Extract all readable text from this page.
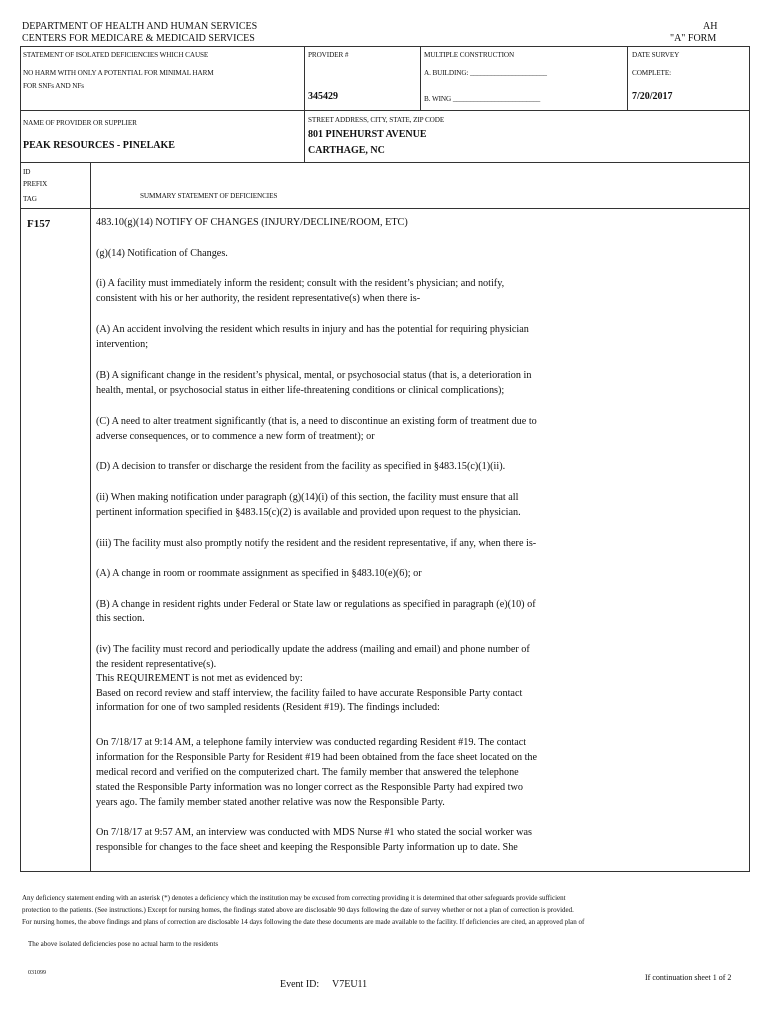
DEPARTMENT OF HEALTH AND HUMAN SERVICES
CENTERS FOR MEDICARE & MEDICAID SERVICES
AH
"A" FORM
STATEMENT OF ISOLATED DEFICIENCIES WHICH CAUSE
NO HARM WITH ONLY A POTENTIAL FOR MINIMAL HARM
FOR SNFs AND NFs
PROVIDER #
345429
MULTIPLE CONSTRUCTION
A. BUILDING: ______________________
B. WING _________________________
DATE SURVEY
COMPLETE:
7/20/2017
NAME OF PROVIDER OR SUPPLIER
PEAK RESOURCES - PINELAKE
STREET ADDRESS, CITY, STATE, ZIP CODE
801 PINEHURST AVENUE
CARTHAGE, NC
ID
PREFIX
TAG	SUMMARY STATEMENT OF DEFICIENCIES
F157	483.10(g)(14) NOTIFY OF CHANGES (INJURY/DECLINE/ROOM, ETC)

(g)(14) Notification of Changes.

(i) A facility must immediately inform the resident; consult with the resident’s physician; and notify,

consistent with his or her authority, the resident representative(s) when there is-

(A) An accident involving the resident which results in injury and has the potential for requiring physician

intervention;

(B) A significant change in the resident’s physical, mental, or psychosocial status (that is, a deterioration in

health, mental, or psychosocial status in either life-threatening conditions or clinical complications);

(C) A need to alter treatment significantly (that is, a need to discontinue an existing form of treatment due to

adverse consequences, or to commence a new form of treatment); or

(D) A decision to transfer or discharge the resident from the facility as specified in §483.15(c)(1)(ii).

(ii) When making notification under paragraph (g)(14)(i) of this section, the facility must ensure that all

pertinent information specified in §483.15(c)(2) is available and provided upon request to the physician.

(iii) The facility must also promptly notify the resident and the resident representative, if any, when there is-

(A) A change in room or roommate assignment as specified in §483.10(e)(6); or

(B) A change in resident rights under Federal or State law or regulations as specified in paragraph (e)(10) of

this section.

(iv) The facility must record and periodically update the address (mailing and email) and phone number of

the resident representative(s).

This REQUIREMENT is not met as evidenced by:

Based on record review and staff interview, the facility failed to have accurate Responsible Party contact

information for one of two sampled residents (Resident #19). The findings included:

On 7/18/17 at 9:14 AM, a telephone family interview was conducted regarding Resident #19. The contact

information for the Responsible Party for Resident #19 had been obtained from the face sheet located on the

medical record and verified on the computerized chart. The family member that answered the telephone

stated the Responsible Party information was no longer correct as the Responsible Party had expired two

years ago. The family member stated another relative was now the Responsible Party.

On 7/18/17 at 9:57 AM, an interview was conducted with MDS Nurse #1 who stated the social worker was

responsible for changes to the face sheet and keeping the Responsible Party information up to date. She

Any deficiency statement ending with an asterisk (*) denotes a deficiency which the institution may be excused from correcting providing it is determined that other safeguards provide sufficient
protection to the patients. (See instructions.) Except for nursing homes, the findings stated above are disclosable 90 days following the date of survey whether or not a plan of correction is provided.
For nursing homes, the above findings and plans of correction are disclosable 14 days following the date these documents are made available to the facility. If deficiencies are cited, an approved plan of
The above isolated deficiencies pose no actual harm to the residents
031099
Event ID: V7EU11
If continuation sheet 1 of 2
